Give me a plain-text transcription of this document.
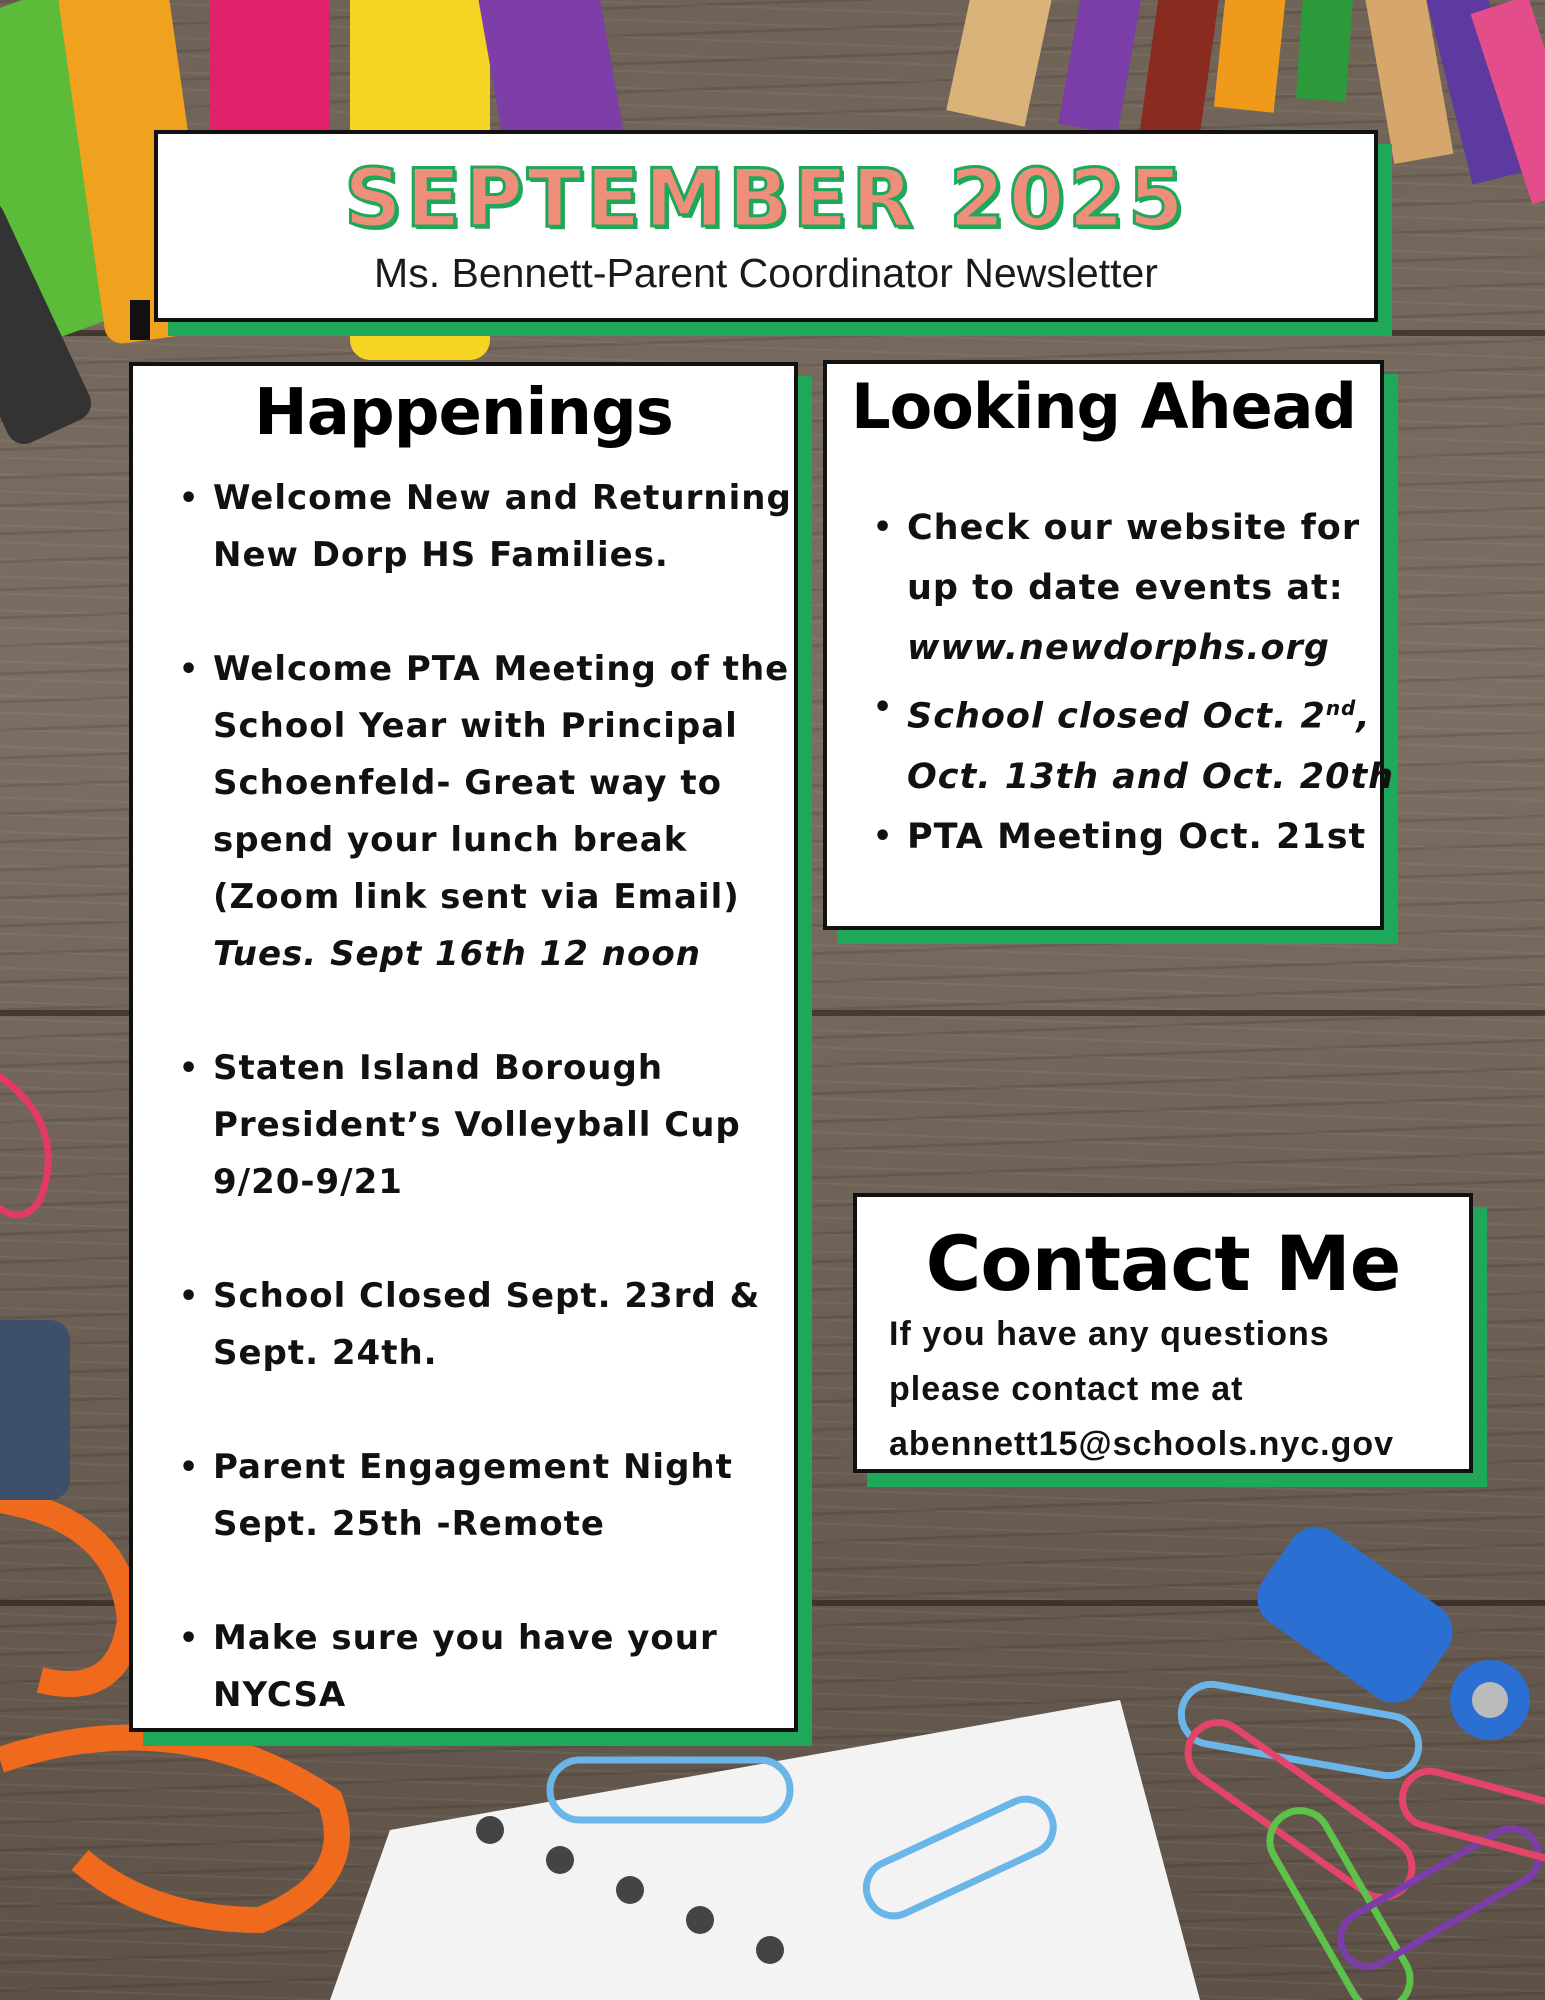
SEPTEMBER 2025
Ms. Bennett-Parent Coordinator Newsletter
Happenings
• Welcome New and Returning New Dorp HS Families.
• Welcome PTA Meeting of the School Year with Principal Schoenfeld- Great way to spend your lunch break (Zoom link sent via Email)
Tues. Sept 16th 12 noon
• Staten Island Borough President’s Volleyball Cup 9/20-9/21
• School Closed Sept. 23rd & Sept. 24th.
• Parent Engagement Night Sept. 25th -Remote
• Make sure you have your NYCSA
Looking Ahead
• Check our website for up to date events at:
www.newdorphs.org
• School closed Oct. 2nd, Oct. 13th and Oct. 20th
• PTA Meeting Oct. 21st
Contact Me
If you have any questions
please contact me at
abennett15@schools.nyc.gov
